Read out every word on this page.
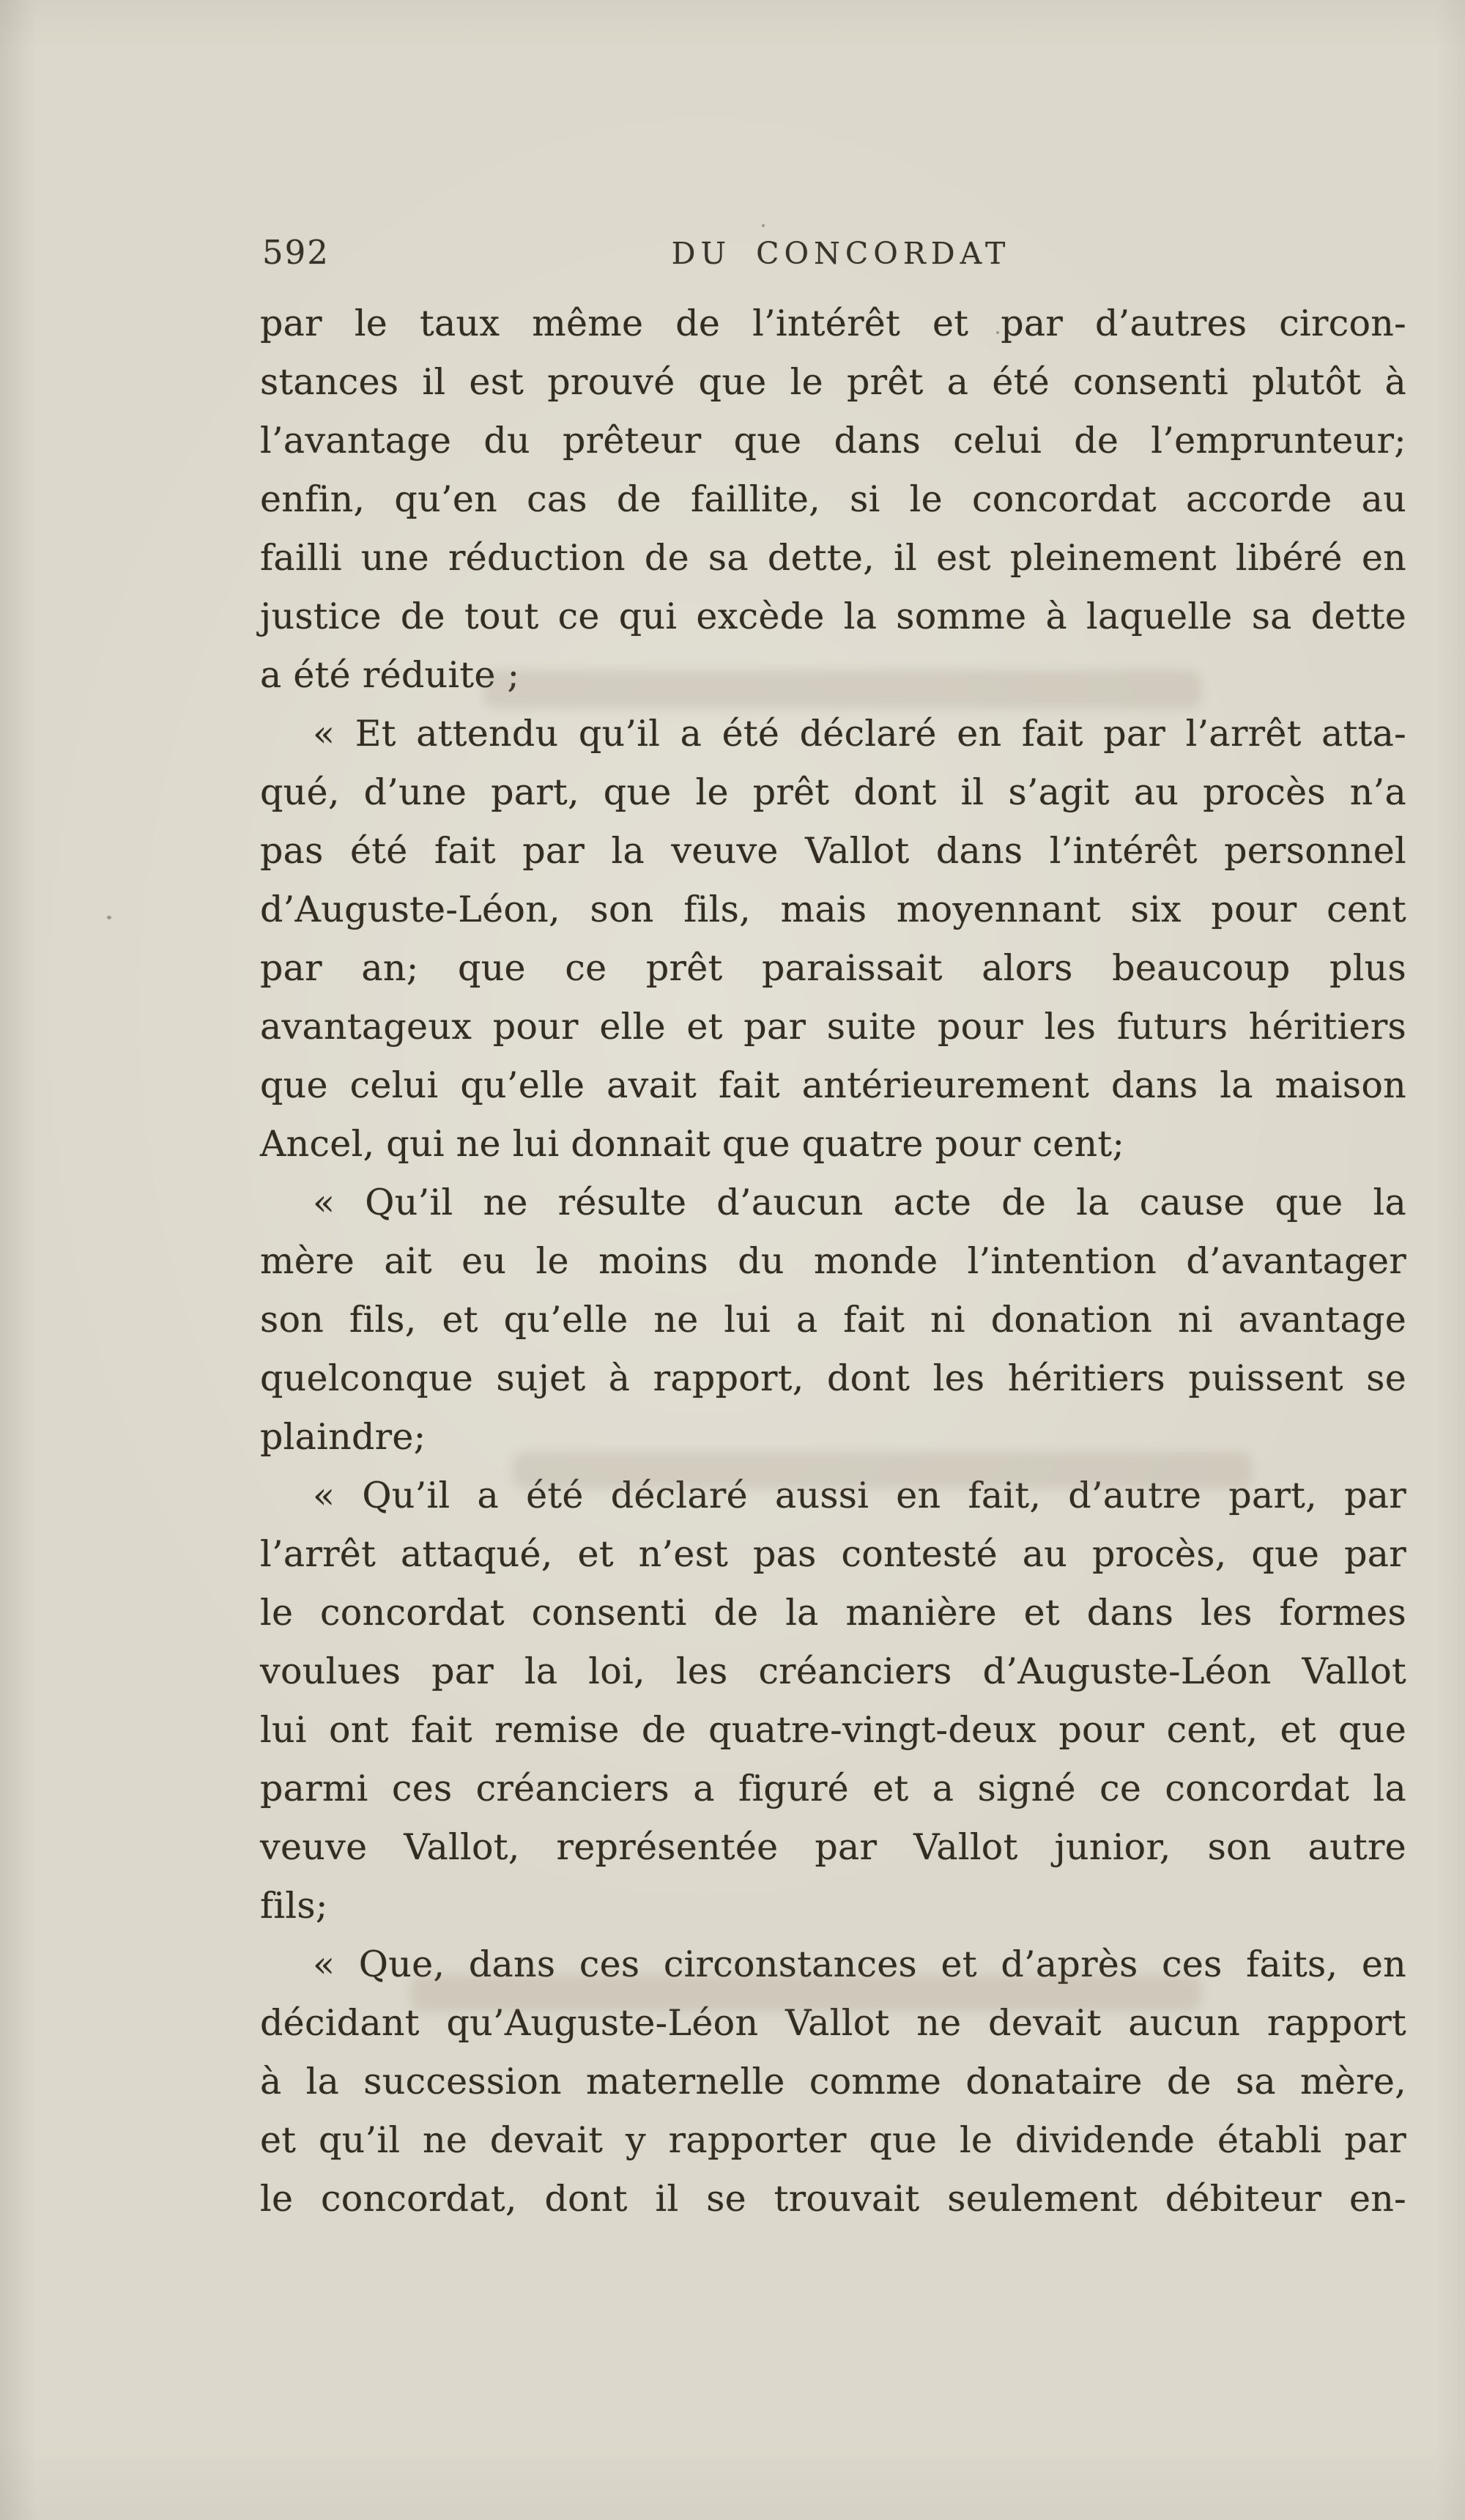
592	DU CONCORDAT
par le taux même de l’intérêt et par d’autres circon-
stances il est prouvé que le prêt a été consenti plutôt à
l’avantage du prêteur que dans celui de l’emprunteur;
enfin, qu’en cas de faillite, si le concordat accorde au
failli une réduction de sa dette, il est pleinement libéré en
justice de tout ce qui excède la somme à laquelle sa dette
a été réduite ;
« Et attendu qu’il a été déclaré en fait par l’arrêt atta-
qué, d’une part, que le prêt dont il s’agit au procès n’a
pas été fait par la veuve Vallot dans l’intérêt personnel
d’Auguste-Léon, son fils, mais moyennant six pour cent
par an; que ce prêt paraissait alors beaucoup plus
avantageux pour elle et par suite pour les futurs héritiers
que celui qu’elle avait fait antérieurement dans la maison
Ancel, qui ne lui donnait que quatre pour cent;
« Qu’il ne résulte d’aucun acte de la cause que la
mère ait eu le moins du monde l’intention d’avantager
son fils, et qu’elle ne lui a fait ni donation ni avantage
quelconque sujet à rapport, dont les héritiers puissent se
plaindre;
« Qu’il a été déclaré aussi en fait, d’autre part, par
l’arrêt attaqué, et n’est pas contesté au procès, que par
le concordat consenti de la manière et dans les formes
voulues par la loi, les créanciers d’Auguste-Léon Vallot
lui ont fait remise de quatre-vingt-deux pour cent, et que
parmi ces créanciers a figuré et a signé ce concordat la
veuve Vallot, représentée par Vallot junior, son autre
fils;
« Que, dans ces circonstances et d’après ces faits, en
décidant qu’Auguste-Léon Vallot ne devait aucun rapport
à la succession maternelle comme donataire de sa mère,
et qu’il ne devait y rapporter que le dividende établi par
le concordat, dont il se trouvait seulement débiteur en-
